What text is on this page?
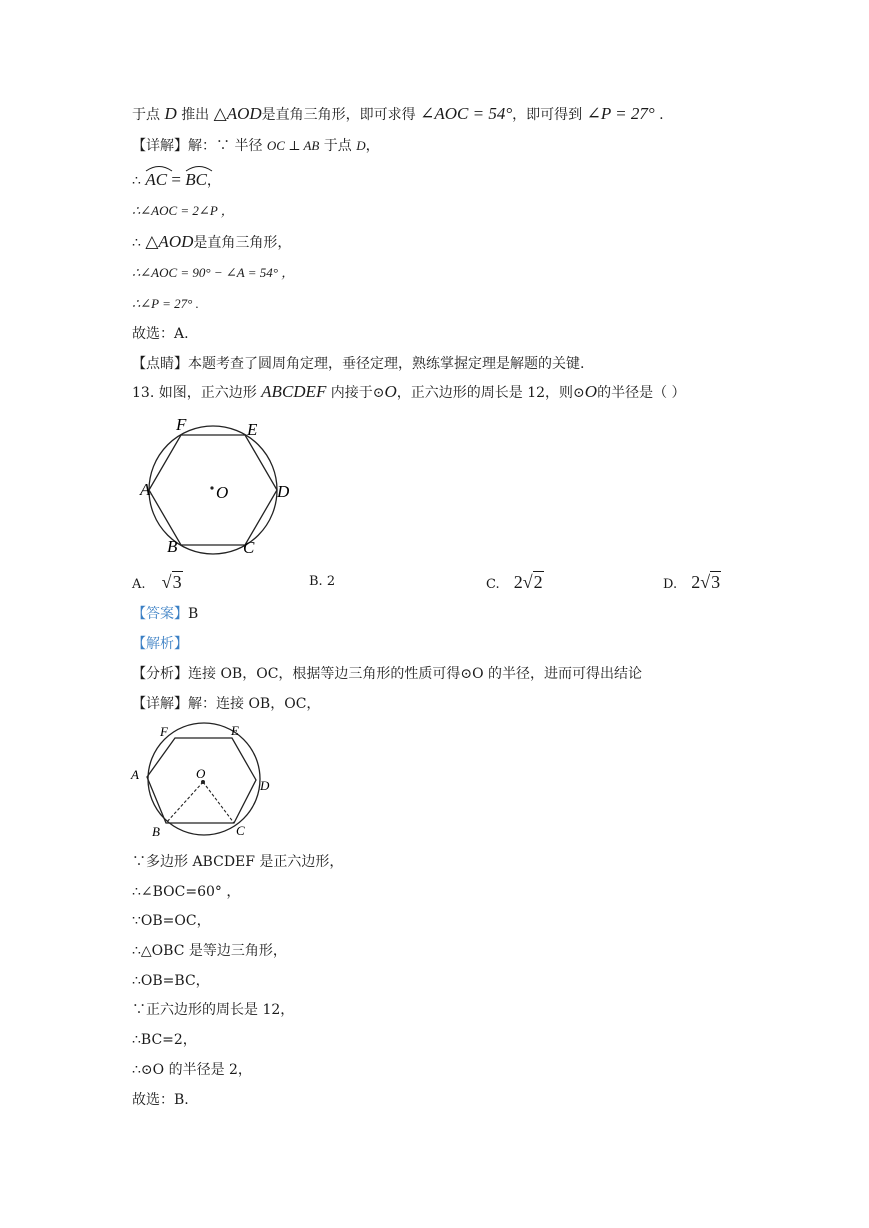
于点 D 推出 △AOD是直角三角形，即可求得 ∠AOC = 54°，即可得到 ∠P = 27° .
【详解】解：∵ 半径 OC ⊥ AB 于点 D，
∴
AC =
BC，
∴∠AOC = 2∠P ，
∴ △AOD是直角三角形，
∴∠AOC = 90° − ∠A = 54° ，
∴∠P = 27° .
故选：A.
【点睛】本题考查了圆周角定理，垂径定理，熟练掌握定理是解题的关键.
13. 如图，正六边形 ABCDEF 内接于⊙O，正六边形的周长是 12，则⊙O的半径是（ ）
F	E
A	D
O
B	C
A. √3	B. 2	C. 2√2	D. 2√3
【答案】B
【解析】
【分析】连接 OB，OC，根据等边三角形的性质可得⊙O 的半径，进而可得出结论
【详解】解：连接 OB，OC，
F	E
A
D
O
B	C
∵多边形 ABCDEF 是正六边形，
∴∠BOC=60° ，
∵OB=OC，
∴△OBC 是等边三角形，
∴OB=BC，
∵正六边形的周长是 12，
∴BC=2，
∴⊙O 的半径是 2，
故选：B.
